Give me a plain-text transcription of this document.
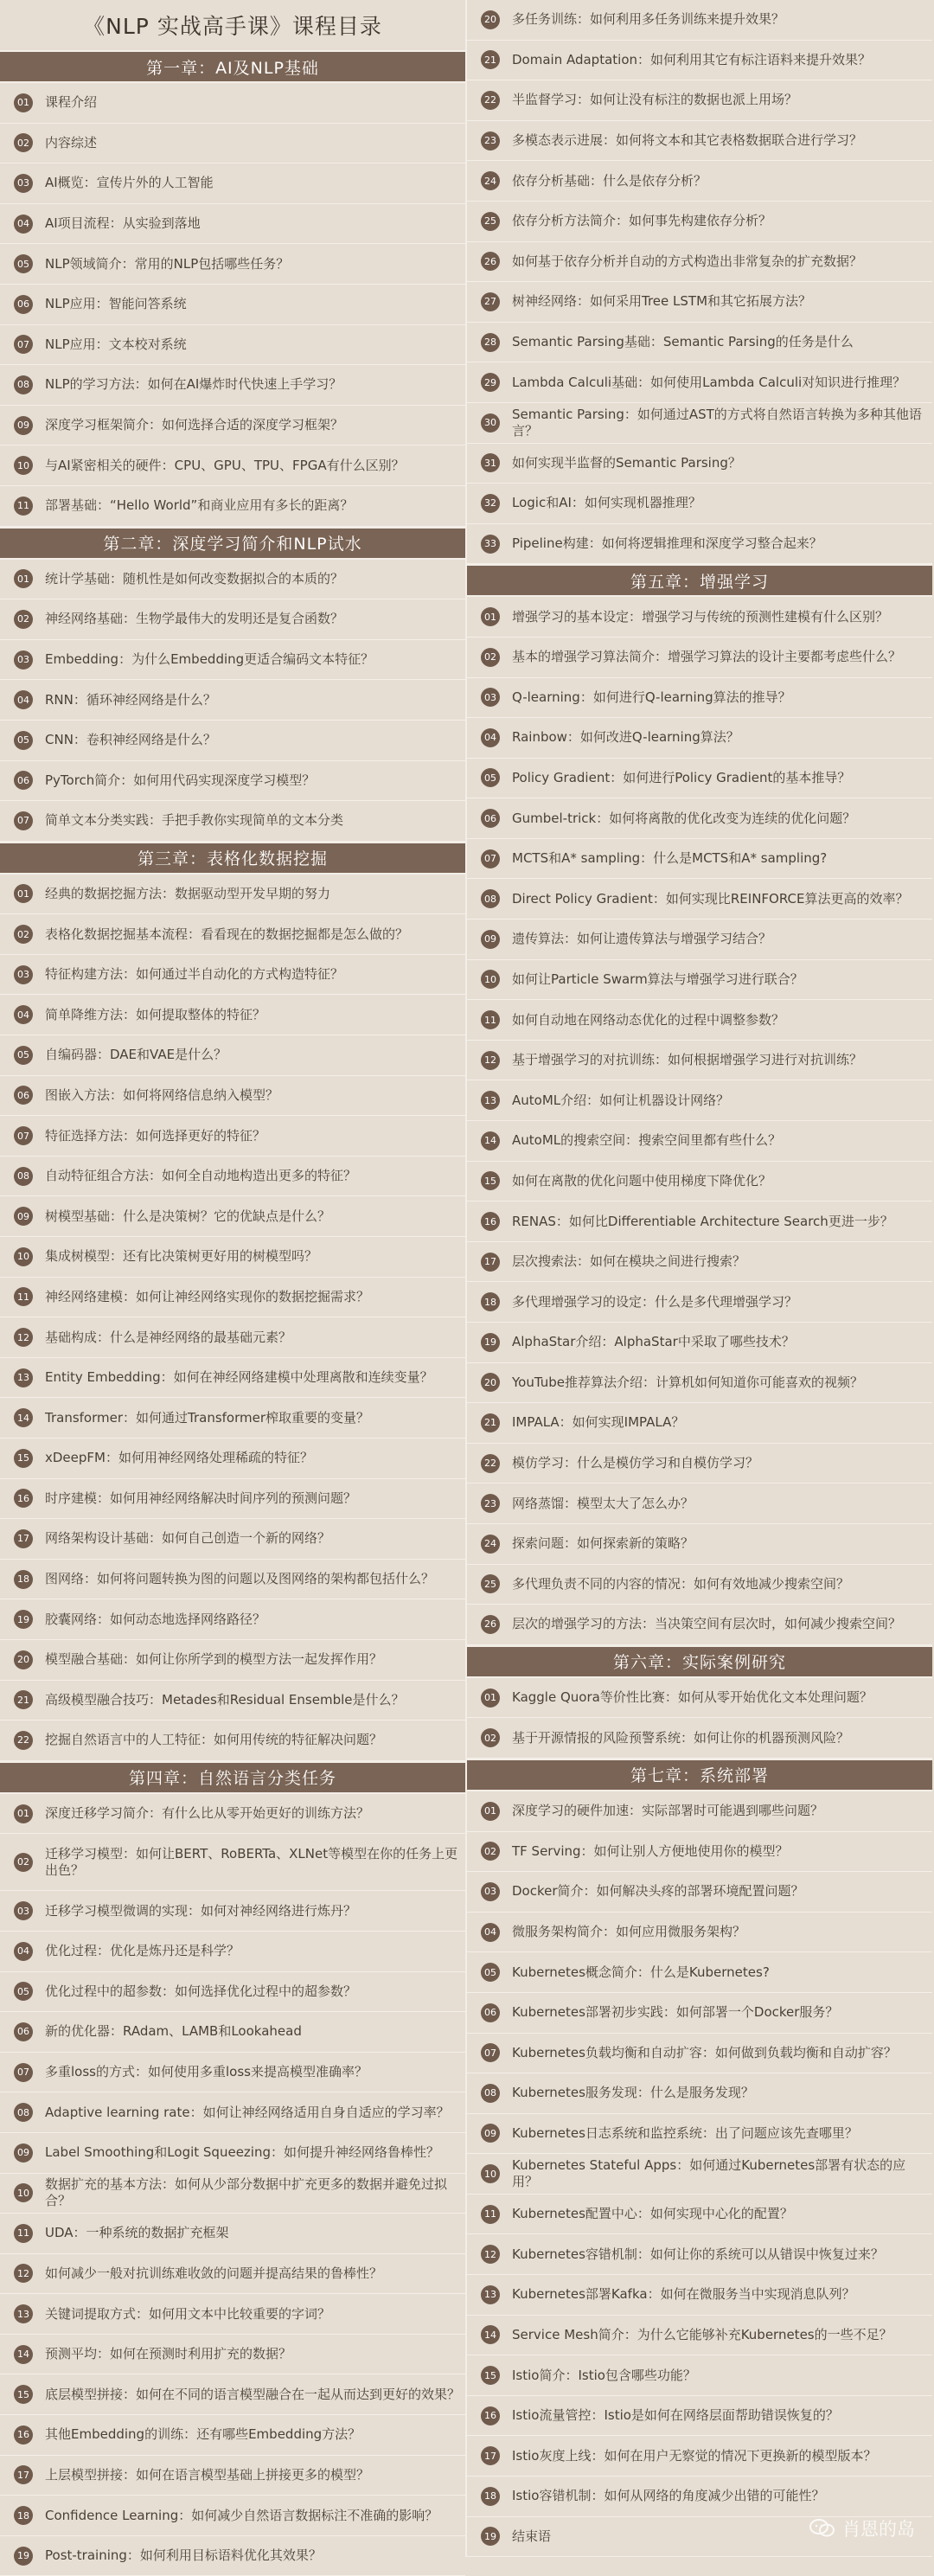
《NLP 实战高手课》课程目录
第一章：AI及NLP基础
01 课程介绍
02 内容综述
03 AI概览：宣传片外的人工智能
04 AI项目流程：从实验到落地
05 NLP领域简介：常用的NLP包括哪些任务？
06 NLP应用：智能问答系统
07 NLP应用：文本校对系统
08 NLP的学习方法：如何在AI爆炸时代快速上手学习？
09 深度学习框架简介：如何选择合适的深度学习框架？
10 与AI紧密相关的硬件：CPU、GPU、TPU、FPGA有什么区别？
11 部署基础：“Hello World”和商业应用有多长的距离？
第二章：深度学习简介和NLP试水
01 统计学基础：随机性是如何改变数据拟合的本质的？
02 神经网络基础：生物学最伟大的发明还是复合函数？
03 Embedding：为什么Embedding更适合编码文本特征？
04 RNN：循环神经网络是什么？
05 CNN：卷积神经网络是什么？
06 PyTorch简介：如何用代码实现深度学习模型？
07 简单文本分类实践：手把手教你实现简单的文本分类
第三章：表格化数据挖掘
01 经典的数据挖掘方法：数据驱动型开发早期的努力
02 表格化数据挖掘基本流程：看看现在的数据挖掘都是怎么做的？
03 特征构建方法：如何通过半自动化的方式构造特征？
04 简单降维方法：如何提取整体的特征？
05 自编码器：DAE和VAE是什么？
06 图嵌入方法：如何将网络信息纳入模型？
07 特征选择方法：如何选择更好的特征？
08 自动特征组合方法：如何全自动地构造出更多的特征？
09 树模型基础：什么是决策树？它的优缺点是什么？
10 集成树模型：还有比决策树更好用的树模型吗？
11 神经网络建模：如何让神经网络实现你的数据挖掘需求？
12 基础构成：什么是神经网络的最基础元素？
13 Entity Embedding：如何在神经网络建模中处理离散和连续变量？
14 Transformer：如何通过Transformer榨取重要的变量？
15 xDeepFM：如何用神经网络处理稀疏的特征？
16 时序建模：如何用神经网络解决时间序列的预测问题？
17 网络架构设计基础：如何自己创造一个新的网络？
18 图网络：如何将问题转换为图的问题以及图网络的架构都包括什么？
19 胶囊网络：如何动态地选择网络路径？
20 模型融合基础：如何让你所学到的模型方法一起发挥作用？
21 高级模型融合技巧：Metades和Residual Ensemble是什么？
22 挖掘自然语言中的人工特征：如何用传统的特征解决问题？
第四章：自然语言分类任务
01 深度迁移学习简介：有什么比从零开始更好的训练方法？
02
迁移学习模型：如何让BERT、RoBERTa、XLNet等模型在你的任务上更出色？
03 迁移学习模型微调的实现：如何对神经网络进行炼丹？
04 优化过程：优化是炼丹还是科学？
05 优化过程中的超参数：如何选择优化过程中的超参数？
06 新的优化器：RAdam、LAMB和Lookahead
07 多重loss的方式：如何使用多重loss来提高模型准确率？
08 Adaptive learning rate：如何让神经网络适用自身自适应的学习率？
09 Label Smoothing和Logit Squeezing：如何提升神经网络鲁棒性？
10
数据扩充的基本方法：如何从少部分数据中扩充更多的数据并避免过拟合？
11 UDA：一种系统的数据扩充框架
12 如何减少一般对抗训练难收敛的问题并提高结果的鲁棒性？
13 关键词提取方式：如何用文本中比较重要的字词？
14 预测平均：如何在预测时利用扩充的数据？
15 底层模型拼接：如何在不同的语言模型融合在一起从而达到更好的效果？
16 其他Embedding的训练：还有哪些Embedding方法？
17 上层模型拼接：如何在语言模型基础上拼接更多的模型？
18 Confidence Learning：如何减少自然语言数据标注不准确的影响？
19 Post-training：如何利用目标语料优化其效果？
20 多任务训练：如何利用多任务训练来提升效果？
21 Domain Adaptation：如何利用其它有标注语料来提升效果？
22 半监督学习：如何让没有标注的数据也派上用场？
23 多模态表示进展：如何将文本和其它表格数据联合进行学习？
24 依存分析基础：什么是依存分析？
25 依存分析方法简介：如何事先构建依存分析？
26 如何基于依存分析并自动的方式构造出非常复杂的扩充数据？
27 树神经网络：如何采用Tree LSTM和其它拓展方法？
28 Semantic Parsing基础：Semantic Parsing的任务是什么
29 Lambda Calculi基础：如何使用Lambda Calculi对知识进行推理？
30
Semantic Parsing：如何通过AST的方式将自然语言转换为多种其他语言？
31 如何实现半监督的Semantic Parsing？
32 Logic和AI：如何实现机器推理？
33 Pipeline构建：如何将逻辑推理和深度学习整合起来？
第五章：增强学习
01 增强学习的基本设定：增强学习与传统的预测性建模有什么区别？
02 基本的增强学习算法简介：增强学习算法的设计主要都考虑些什么？
03 Q-learning：如何进行Q-learning算法的推导？
04 Rainbow：如何改进Q-learning算法？
05 Policy Gradient：如何进行Policy Gradient的基本推导？
06 Gumbel-trick：如何将离散的优化改变为连续的优化问题？
07 MCTS和A* sampling：什么是MCTS和A* sampling?
08 Direct Policy Gradient：如何实现比REINFORCE算法更高的效率？
09 遗传算法：如何让遗传算法与增强学习结合？
10 如何让Particle Swarm算法与增强学习进行联合？
11 如何自动地在网络动态优化的过程中调整参数？
12 基于增强学习的对抗训练：如何根据增强学习进行对抗训练？
13 AutoML介绍：如何让机器设计网络？
14 AutoML的搜索空间：搜索空间里都有些什么？
15 如何在离散的优化问题中使用梯度下降优化？
16 RENAS：如何比Differentiable Architecture Search更进一步？
17 层次搜索法：如何在模块之间进行搜索？
18 多代理增强学习的设定：什么是多代理增强学习？
19 AlphaStar介绍：AlphaStar中采取了哪些技术？
20 YouTube推荐算法介绍：计算机如何知道你可能喜欢的视频？
21 IMPALA：如何实现IMPALA？
22 模仿学习：什么是模仿学习和自模仿学习？
23 网络蒸馏：模型太大了怎么办？
24 探索问题：如何探索新的策略？
25 多代理负责不同的内容的情况：如何有效地减少搜索空间？
26 层次的增强学习的方法：当决策空间有层次时，如何减少搜索空间？
第六章：实际案例研究
01 Kaggle Quora等价性比赛：如何从零开始优化文本处理问题？
02 基于开源情报的风险预警系统：如何让你的机器预测风险？
第七章：系统部署
01 深度学习的硬件加速：实际部署时可能遇到哪些问题？
02 TF Serving：如何让别人方便地使用你的模型？
03 Docker简介：如何解决头疼的部署环境配置问题？
04 微服务架构简介：如何应用微服务架构？
05 Kubernetes概念简介：什么是Kubernetes?
06 Kubernetes部署初步实践：如何部署一个Docker服务？
07 Kubernetes负载均衡和自动扩容：如何做到负载均衡和自动扩容？
08 Kubernetes服务发现：什么是服务发现？
09 Kubernetes日志系统和监控系统：出了问题应该先查哪里？
10
Kubernetes Stateful Apps：如何通过Kubernetes部署有状态的应用？
11 Kubernetes配置中心：如何实现中心化的配置？
12 Kubernetes容错机制：如何让你的系统可以从错误中恢复过来？
13 Kubernetes部署Kafka：如何在微服务当中实现消息队列？
14 Service Mesh简介：为什么它能够补充Kubernetes的一些不足？
15 Istio简介：Istio包含哪些功能？
16 Istio流量管控：Istio是如何在网络层面帮助错误恢复的？
17 Istio灰度上线：如何在用户无察觉的情况下更换新的模型版本？
18 Istio容错机制：如何从网络的角度减少出错的可能性？
19 结束语	肖恩的岛
